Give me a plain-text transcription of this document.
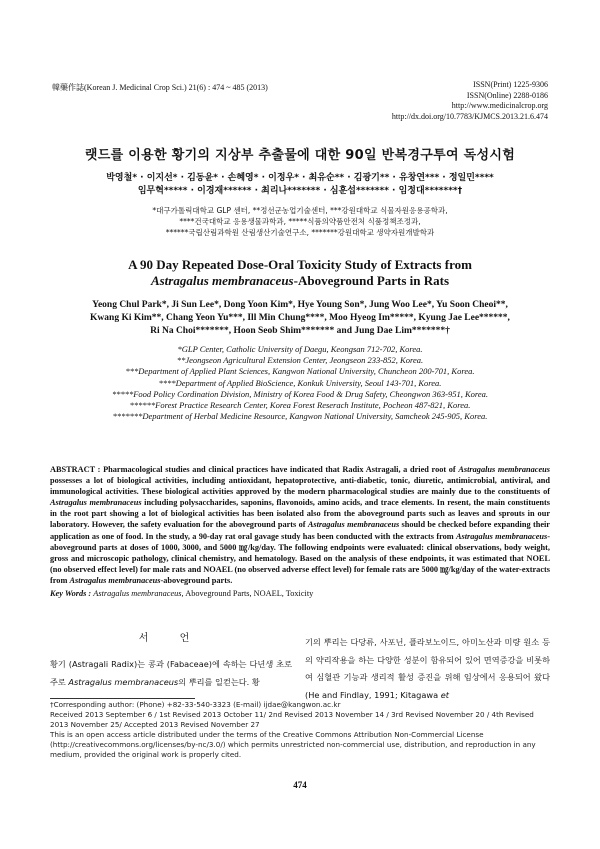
韓藥作誌(Korean J. Medicinal Crop Sci.) 21(6) : 474 ~ 485 (2013)	ISSN(Print) 1225-9306
ISSN(Online) 2288-0186
http://www.medicinalcrop.org
http://dx.doi.org/10.7783/KJMCS.2013.21.6.474
랫드를 이용한 황기의 지상부 추출물에 대한 90일 반복경구투여 독성시험
박영철* · 이지선* · 김동윤* · 손혜영* · 이정우* · 최유순** · 김광기** · 유창연*** · 정일민****
임무혁***** · 이경재****** · 최리나******* · 심훈섭******* · 임정대*******†
*대구가톨릭대학교 GLP 센터, **정선군농업기술센터, ***강원대학교 식물자원응용공학과,
****건국대학교 응용생물과학과, *****식품의약품안전처 식품정책조정과,
******국립산림과학원 산림생산기술연구소, *******강원대학교 생약자원개발학과
A 90 Day Repeated Dose-Oral Toxicity Study of Extracts from
Astragalus membranaceus-Aboveground Parts in Rats
Yeong Chul Park*, Ji Sun Lee*, Dong Yoon Kim*, Hye Young Son*, Jung Woo Lee*, Yu Soon Cheoi**,
Kwang Ki Kim**, Chang Yeon Yu***, Ill Min Chung****, Moo Hyeog Im*****, Kyung Jae Lee******,
Ri Na Choi*******, Hoon Seob Shim******* and Jung Dae Lim*******†
*GLP Center, Catholic University of Daegu, Keongsan 712-702, Korea.
**Jeongseon Agricultural Extension Center, Jeongseon 233-852, Korea.
***Department of Applied Plant Sciences, Kangwon National University, Chuncheon 200-701, Korea.
****Department of Applied BioScience, Konkuk University, Seoul 143-701, Korea.
*****Food Policy Cordination Division, Ministry of Korea Food & Drug Safety, Cheongwon 363-951, Korea.
******Forest Practice Research Center, Korea Forest Reserach Institute, Pocheon 487-821, Korea.
*******Department of Herbal Medicine Resource, Kangwon National University, Samcheok 245-905, Korea.
ABSTRACT : Pharmacological studies and clinical practices have indicated that Radix Astragali, a dried root of Astragalus membranaceus possesses a lot of biological activities, including antioxidant, hepatoprotective, anti-diabetic, tonic, diuretic, antimicrobial, antiviral, and immunological activities. These biological activities approved by the modern pharmacological studies are mainly due to the constituents of Astragalus membranaceus including polysaccharides, saponins, flavonoids, amino acids, and trace elements. In resent, the main constituents in the root part showing a lot of biological activities has been isolated also from the aboveground parts such as leaves and sprouts in our laboratory. However, the safety evaluation for the aboveground parts of Astragalus membranaceus should be checked before expanding their application as one of food. In the study, a 90-day rat oral gavage study has been conducted with the extracts from Astragalus membranaceus-aboveground parts at doses of 1000, 3000, and 5000 ㎎/kg/day. The following endpoints were evaluated: clinical observations, body weight, gross and microscopic pathology, clinical chemistry, and hematology. Based on the analysis of these endpoints, it was estimated that NOEL (no observed effect level) for male rats and NOAEL (no observed adverse effect level) for female rats are 5000 ㎎/kg/day of the water-extracts from Astragalus membranaceus-aboveground parts.
Key Words : Astragalus membranaceus, Aboveground Parts, NOAEL, Toxicity
서 언
황기 (Astragali Radix)는 콩과 (Fabaceae)에 속하는 다년생 초로 주로 Astragalus membranaceus의 뿌리를 일컫는다. 황
기의 뿌리는 다당류, 사포닌, 플라보노이드, 아미노산과 미량 원소 등의 약리작용을 하는 다양한 성분이 함유되어 있어 면역증강을 비롯하여 심혈관 기능과 생리적 활성 증진을 위해 임상에서 응용되어 왔다 (He and Findlay, 1991; Kitagawa et
†Corresponding author: (Phone) +82-33-540-3323 (E-mail) ijdae@kangwon.ac.kr
Received 2013 September 6 / 1st Revised 2013 October 11/ 2nd Revised 2013 November 14 / 3rd Revised November 20 / 4th Revised 2013 November 25/ Accepted 2013 Revised November 27
This is an open access article distributed under the terms of the Creative Commons Attribution Non-Commercial License (http://creativecommons.org/licenses/by-nc/3.0/) which permits unrestricted non-commercial use, distribution, and reproduction in any medium, provided the original work is properly cited.
474
